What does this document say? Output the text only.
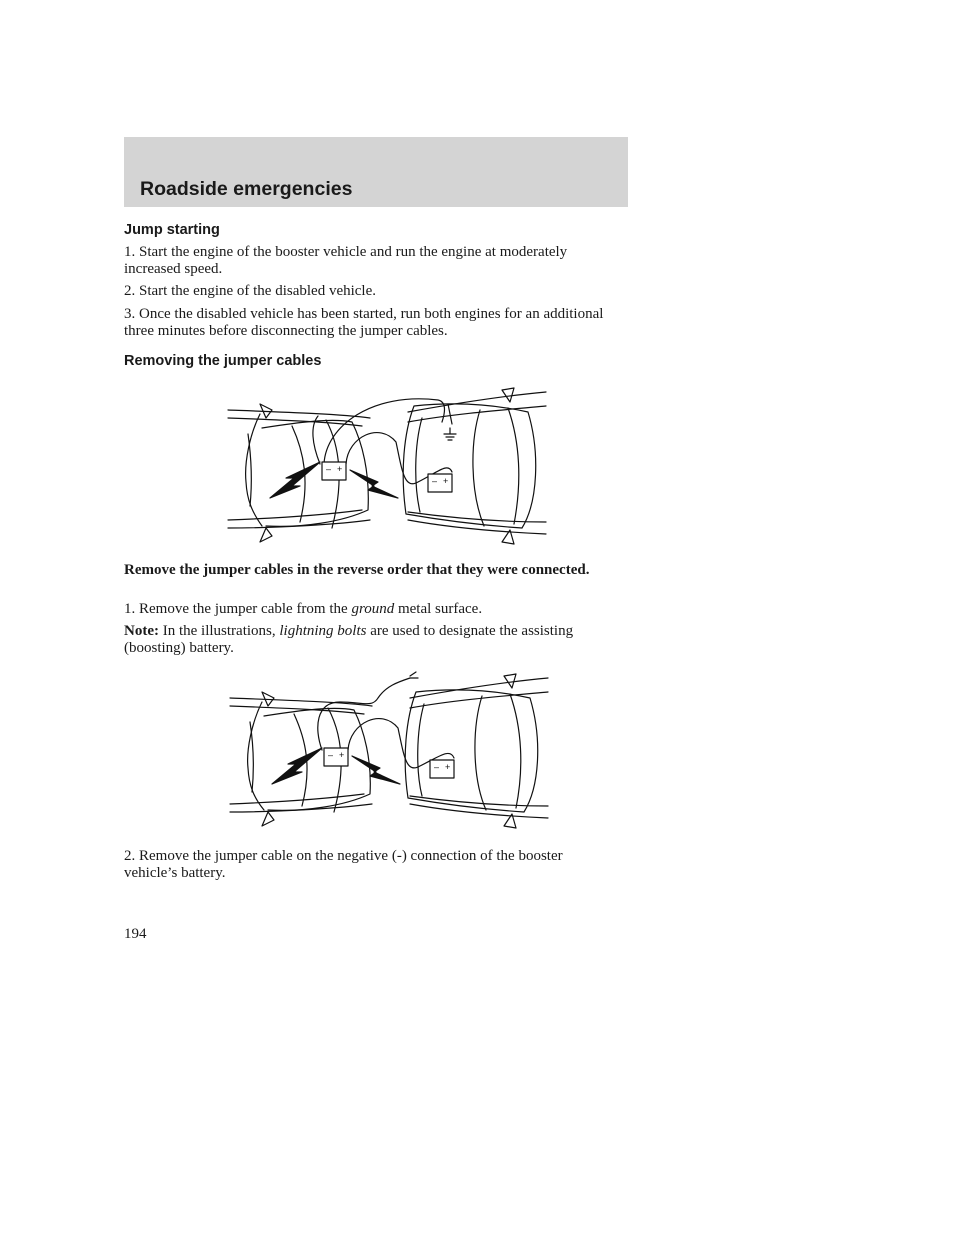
Roadside emergencies
Jump starting

1. Start the engine of the booster vehicle and run the engine at moderately increased speed.

2. Start the engine of the disabled vehicle.

3. Once the disabled vehicle has been started, run both engines for an additional three minutes before disconnecting the jumper cables.

Removing the jumper cables
– +
– +

Remove the jumper cables in the reverse order that they were connected.

1. Remove the jumper cable from the ground metal surface.

Note: In the illustrations, lightning bolts are used to designate the assisting (boosting) battery.

– +
– +

2. Remove the jumper cable on the negative (-) connection of the booster vehicle’s battery.

194
